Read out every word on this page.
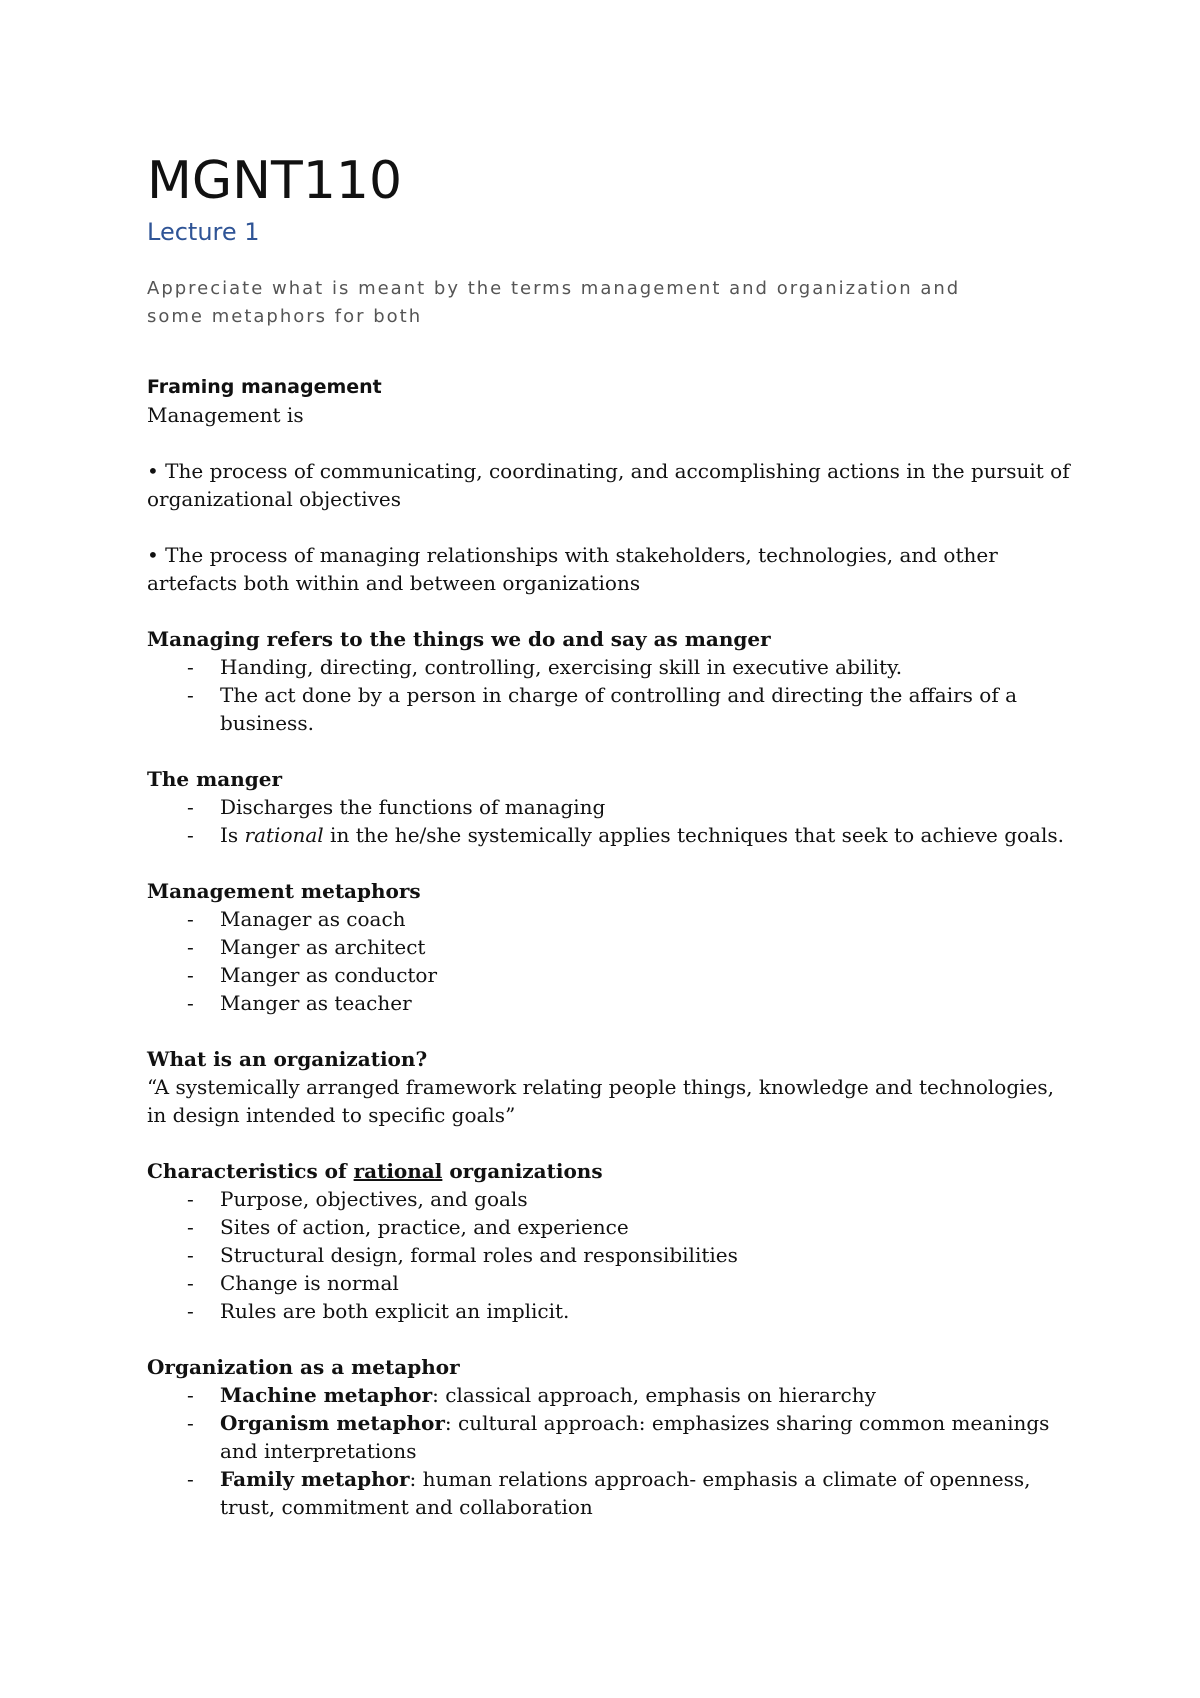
MGNT110
Lecture 1

Appreciate what is meant by the terms management and organization and some metaphors for both

Framing management

Management is

• The process of communicating, coordinating, and accomplishing actions in the pursuit of organizational objectives

• The process of managing relationships with stakeholders, technologies, and other artefacts both within and between organizations

Managing refers to the things we do and say as manger
- Handing, directing, controlling, exercising skill in executive ability.
- The act done by a person in charge of controlling and directing the affairs of a business.
The manger
- Discharges the functions of managing
- Is rational in the he/she systemically applies techniques that seek to achieve goals.
Management metaphors
- Manager as coach
- Manger as architect
- Manger as conductor
- Manger as teacher
What is an organization?

“A systemically arranged framework relating people things, knowledge and technologies, in design intended to specific goals”

Characteristics of rational organizations
- Purpose, objectives, and goals
- Sites of action, practice, and experience
- Structural design, formal roles and responsibilities
- Change is normal
- Rules are both explicit an implicit.
Organization as a metaphor
- Machine metaphor: classical approach, emphasis on hierarchy
- Organism metaphor: cultural approach: emphasizes sharing common meanings and interpretations
- Family metaphor: human relations approach- emphasis a climate of openness, trust, commitment and collaboration
